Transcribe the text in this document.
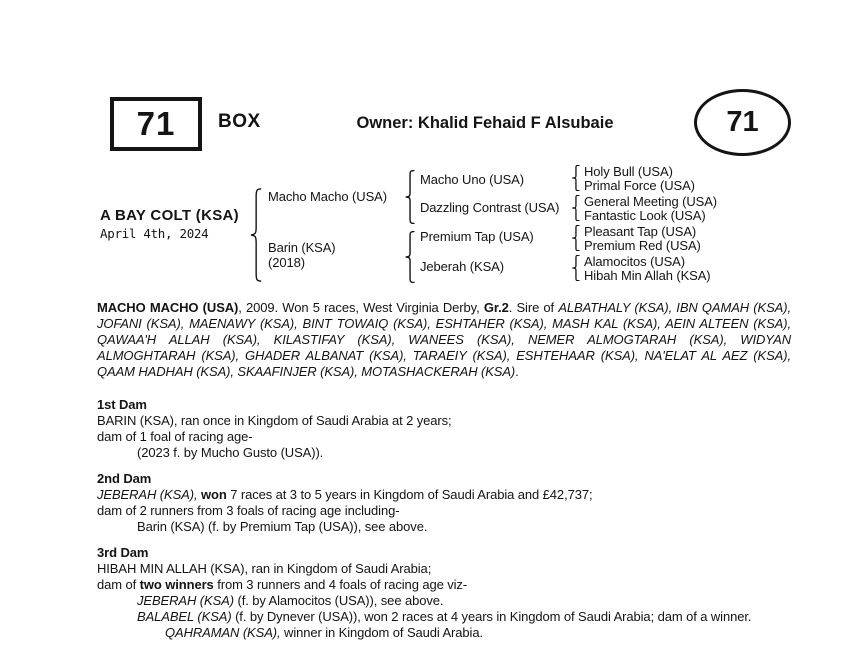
71 BOX	Owner: Khalid Fehaid F Alsubaie	71
A BAY COLT (KSA)
April 4th, 2024
Macho Macho (USA)
Barin (KSA)
(2018)
Macho Uno (USA)
Dazzling Contrast (USA)
Premium Tap (USA)
Jeberah (KSA)
Holy Bull (USA)
Primal Force (USA)
General Meeting (USA)
Fantastic Look (USA)
Pleasant Tap (USA)
Premium Red (USA)
Alamocitos (USA)
Hibah Min Allah (KSA)
MACHO MACHO (USA), 2009. Won 5 races, West Virginia Derby, Gr.2. Sire of ALBATHALY (KSA), IBN QAMAH (KSA), JOFANI (KSA), MAENAWY (KSA), BINT TOWAIQ (KSA), ESHTAHER (KSA), MASH KAL (KSA), AEIN ALTEEN (KSA), QAWAA'H ALLAH (KSA), KILASTIFAY (KSA), WANEES (KSA), NEMER ALMOGTARAH (KSA), WIDYAN ALMOGHTARAH (KSA), GHADER ALBANAT (KSA), TARAEIY (KSA), ESHTEHAAR (KSA), NA'ELAT AL AEZ (KSA), QAAM HADHAH (KSA), SKAAFINJER (KSA), MOTASHACKERAH (KSA).
1st Dam
BARIN (KSA), ran once in Kingdom of Saudi Arabia at 2 years;
dam of 1 foal of racing age-
(2023 f. by Mucho Gusto (USA)).
2nd Dam
JEBERAH (KSA), won 7 races at 3 to 5 years in Kingdom of Saudi Arabia and £42,737;
dam of 2 runners from 3 foals of racing age including-
Barin (KSA) (f. by Premium Tap (USA)), see above.
3rd Dam
HIBAH MIN ALLAH (KSA), ran in Kingdom of Saudi Arabia;
dam of two winners from 3 runners and 4 foals of racing age viz-
JEBERAH (KSA) (f. by Alamocitos (USA)), see above.
BALABEL (KSA) (f. by Dynever (USA)), won 2 races at 4 years in Kingdom of Saudi Arabia; dam of a winner.
QAHRAMAN (KSA), winner in Kingdom of Saudi Arabia.
